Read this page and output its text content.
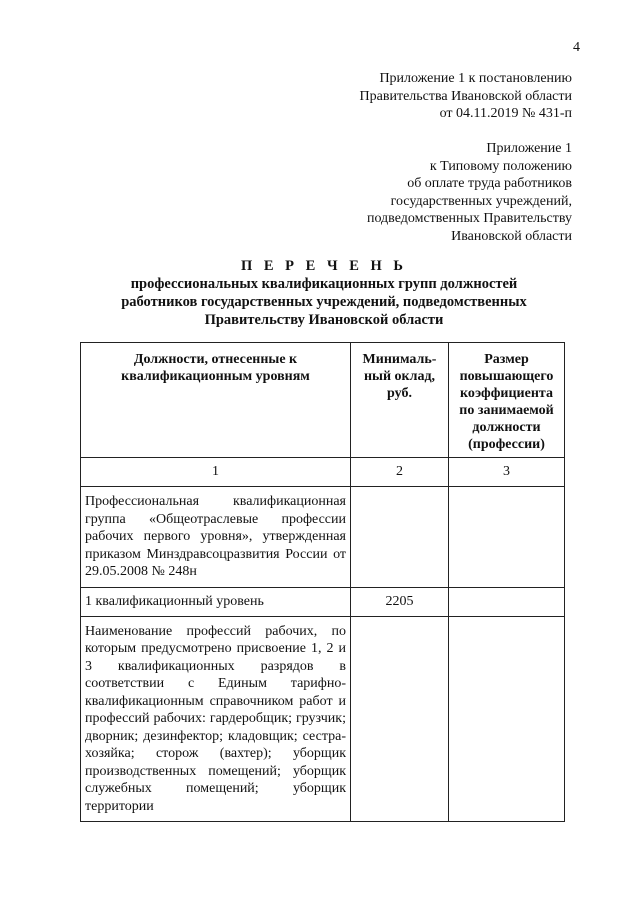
4
Приложение 1 к постановлению
Правительства Ивановской области
от 04.11.2019 № 431-п
Приложение 1
к Типовому положению
об оплате труда работников
государственных учреждений,
подведомственных Правительству
Ивановской области
П Е Р Е Ч Е Н Ь
профессиональных квалификационных групп должностей
работников государственных учреждений, подведомственных
Правительству Ивановской области
Должности, отнесенные к квалификационным уровням	Минималь-ный оклад, руб.	Размер повышающего коэффициента по занимаемой должности (профессии)
1	2	3
Профессиональная квалификационная группа «Общеотраслевые профессии рабочих первого уровня», утвержденная приказом Минздравсоцразвития России от 29.05.2008 № 248н		
1 квалификационный уровень	2205	
Наименование профессий рабочих, по которым предусмотрено присвоение 1, 2 и 3 квалификационных разрядов в соответствии с Единым тарифно-квалификационным справочником работ и профессий рабочих: гардеробщик; грузчик; дворник; дезинфектор; кладовщик; сестра-хозяйка; сторож (вахтер); уборщик производственных помещений; уборщик служебных помещений; уборщик территории		
